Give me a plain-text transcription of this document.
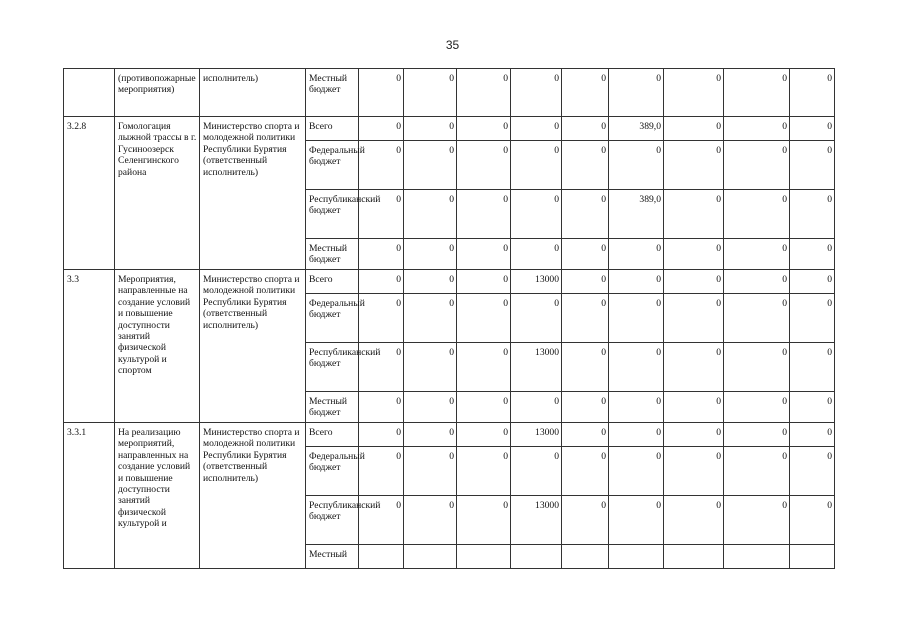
35
	(противопожарные мероприятия)	исполнитель)	Местный бюджет	0	0	0	0	0	0	0	0	0
3.2.8	Гомологация лыжной трассы в г. Гусиноозерск Селенгинского района	Министерство спорта и молодежной политики Республики Бурятия (ответственный исполнитель)	Всего	0	0	0	0	0	389,0	0	0	0
			Федеральный бюджет	0	0	0	0	0	0	0	0	0
			Республиканский бюджет	0	0	0	0	0	389,0	0	0	0
			Местный бюджет	0	0	0	0	0	0	0	0	0
3.3	Мероприятия, направленные на создание условий и повышение доступности занятий физической культурой и спортом	Министерство спорта и молодежной политики Республики Бурятия (ответственный исполнитель)	Всего	0	0	0	13000	0	0	0	0	0
			Федеральный бюджет	0	0	0	0	0	0	0	0	0
			Республиканский бюджет	0	0	0	13000	0	0	0	0	0
			Местный бюджет	0	0	0	0	0	0	0	0	0
3.3.1	На реализацию мероприятий, направленных на создание условий и повышение доступности занятий физической культурой и	Министерство спорта и молодежной политики Республики Бурятия (ответственный исполнитель)	Всего	0	0	0	13000	0	0	0	0	0
			Федеральный бюджет	0	0	0	0	0	0	0	0	0
			Республиканский бюджет	0	0	0	13000	0	0	0	0	0
			Местный									
